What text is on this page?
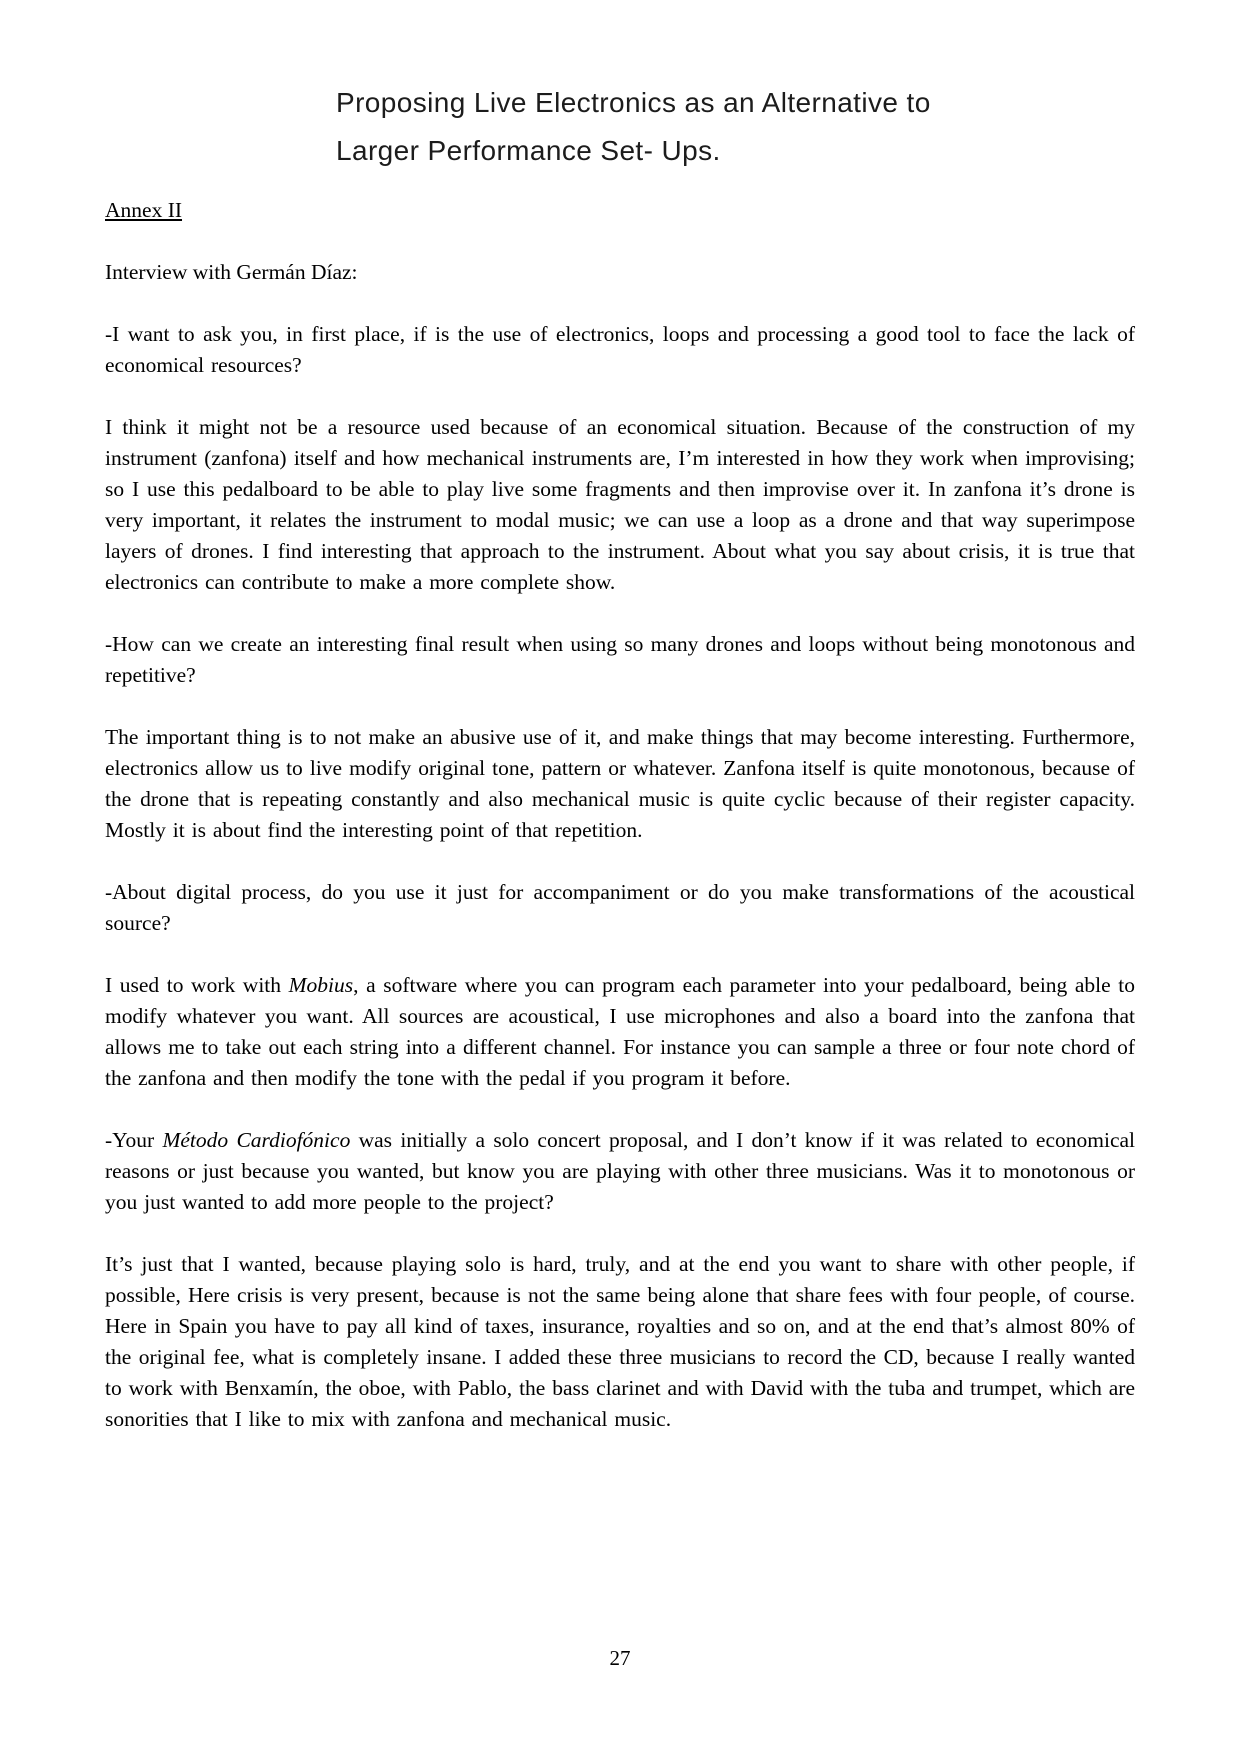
Proposing Live Electronics as an Alternative to
Larger Performance Set- Ups.
Annex II
Interview with Germán Díaz:

-I want to ask you, in first place, if is the use of electronics, loops and processing a good tool to face the lack of economical resources?

I think it might not be a resource used because of an economical situation. Because of the construction of my instrument (zanfona) itself and how mechanical instruments are, I’m interested in how they work when improvising; so I use this pedalboard to be able to play live some fragments and then improvise over it. In zanfona it’s drone is very important, it relates the instrument to modal music; we can use a loop as a drone and that way superimpose layers of drones. I find interesting that approach to the instrument. About what you say about crisis, it is true that electronics can contribute to make a more complete show.

-How can we create an interesting final result when using so many drones and loops without being monotonous and repetitive?

The important thing is to not make an abusive use of it, and make things that may become interesting. Furthermore, electronics allow us to live modify original tone, pattern or whatever. Zanfona itself is quite monotonous, because of the drone that is repeating constantly and also mechanical music is quite cyclic because of their register capacity. Mostly it is about find the interesting point of that repetition.

-About digital process, do you use it just for accompaniment or do you make transformations of the acoustical source?

I used to work with Mobius, a software where you can program each parameter into your pedalboard, being able to modify whatever you want. All sources are acoustical, I use microphones and also a board into the zanfona that allows me to take out each string into a different channel. For instance you can sample a three or four note chord of the zanfona and then modify the tone with the pedal if you program it before.

-Your Método Cardiofónico was initially a solo concert proposal, and I don’t know if it was related to economical reasons or just because you wanted, but know you are playing with other three musicians. Was it to monotonous or you just wanted to add more people to the project?

It’s just that I wanted, because playing solo is hard, truly, and at the end you want to share with other people, if possible, Here crisis is very present, because is not the same being alone that share fees with four people, of course. Here in Spain you have to pay all kind of taxes, insurance, royalties and so on, and at the end that’s almost 80% of the original fee, what is completely insane. I added these three musicians to record the CD, because I really wanted to work with Benxamín, the oboe, with Pablo, the bass clarinet and with David with the tuba and trumpet, which are sonorities that I like to mix with zanfona and mechanical music.

27
